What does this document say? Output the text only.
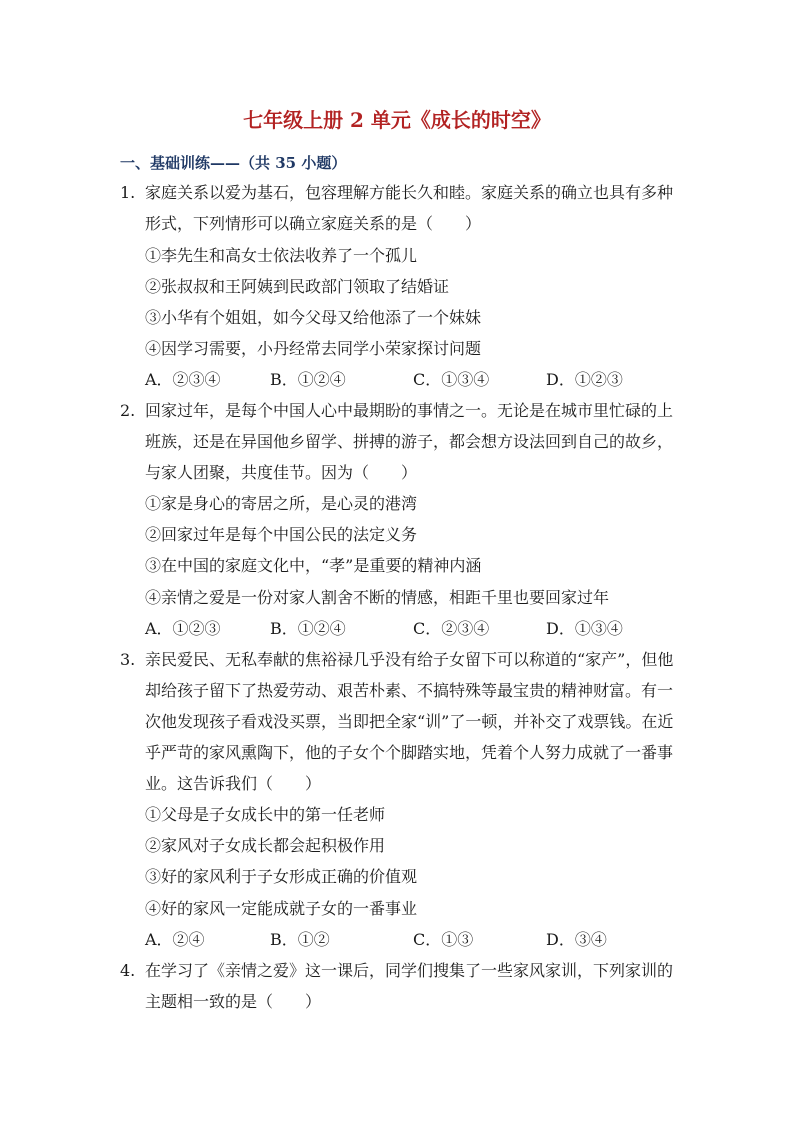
七年级上册 2 单元《成长的时空》
一、基础训练——（共 35 小题）
1. 家庭关系以爱为基石，包容理解方能长久和睦。家庭关系的确立也具有多种
形式，下列情形可以确立家庭关系的是（　　）
①李先生和高女士依法收养了一个孤儿
②张叔叔和王阿姨到民政部门领取了结婚证
③小华有个姐姐，如今父母又给他添了一个妹妹
④因学习需要，小丹经常去同学小荣家探讨问题
A．②③④	B．①②④	C．①③④	D．①②③
2. 回家过年，是每个中国人心中最期盼的事情之一。无论是在城市里忙碌的上
班族，还是在异国他乡留学、拼搏的游子，都会想方设法回到自己的故乡，
与家人团聚，共度佳节。因为（　　）
①家是身心的寄居之所，是心灵的港湾
②回家过年是每个中国公民的法定义务
③在中国的家庭文化中，“孝”是重要的精神内涵
④亲情之爱是一份对家人割舍不断的情感，相距千里也要回家过年
A．①②③	B．①②④	C．②③④	D．①③④
3. 亲民爱民、无私奉献的焦裕禄几乎没有给子女留下可以称道的“家产”，但他
却给孩子留下了热爱劳动、艰苦朴素、不搞特殊等最宝贵的精神财富。有一
次他发现孩子看戏没买票，当即把全家“训”了一顿，并补交了戏票钱。在近
乎严苛的家风熏陶下，他的子女个个脚踏实地，凭着个人努力成就了一番事
业。这告诉我们（　　）
①父母是子女成长中的第一任老师
②家风对子女成长都会起积极作用
③好的家风利于子女形成正确的价值观
④好的家风一定能成就子女的一番事业
A．②④	B．①②	C．①③	D．③④
4. 在学习了《亲情之爱》这一课后，同学们搜集了一些家风家训，下列家训的
主题相一致的是（　　）
